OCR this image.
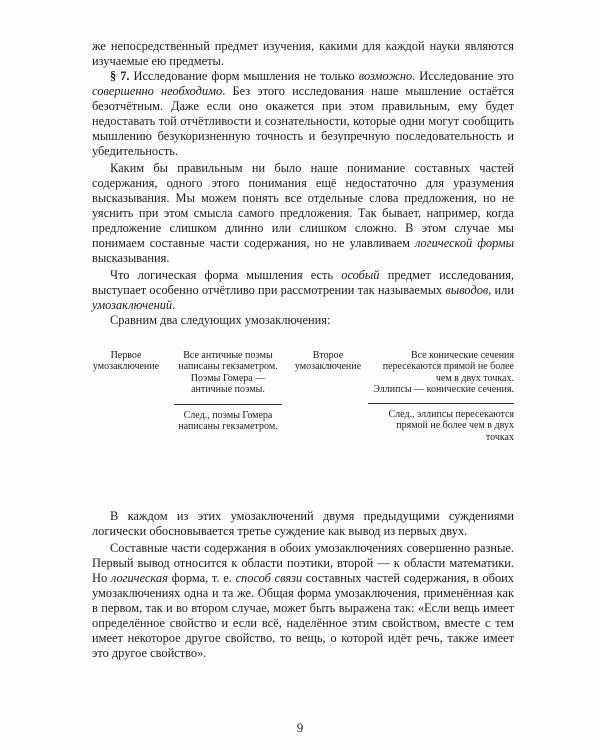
же непосредственный предмет изучения, какими для каждой науки являются изучаемые ею предметы.

§ 7. Исследование форм мышления не только возможно. Исследование это совершенно необходимо. Без этого исследования наше мышление остаётся безотчётным. Даже если оно окажется при этом правильным, ему будет недоставать той отчётливости и сознательности, которые одни могут сообщить мышлению безукоризненную точность и безупречную последовательность и убедительность.

Каким бы правильным ни было наше понимание составных частей содержания, одного этого понимания ещё недостаточно для уразумения высказывания. Мы можем понять все отдельные слова предложения, но не уяснить при этом смысла самого предложения. Так бывает, например, когда предложение слишком длинно или слишком сложно. В этом случае мы понимаем составные части содержания, но не улавливаем логической формы высказывания.

Что логическая форма мышления есть особый предмет исследования, выступает особенно отчётливо при рассмотрении так называемых выводов, или умозаключений.

Сравним два следующих умозаключения:

Первое умозаключение

Все античные поэмы написаны гекзаметром.

Поэмы Гомера — античные поэмы.

След., поэмы Гомера написаны гекзаметром.

Второе умозаключение

Все конические сечения пересекаются прямой не более чем в двух точках.

Эллипсы — конические сечения.

След., эллипсы пересекаются прямой не более чем в двух точках

В каждом из этих умозаключений двумя предыдущими суждениями логически обосновывается третье суждение как вывод из первых двух.

Составные части содержания в обоих умозаключениях совершенно разные. Первый вывод относится к области поэтики, второй — к области математики. Но логическая форма, т. е. способ связи составных частей содержания, в обоих умозаключениях одна и та же. Общая форма умозаключения, применённая как в первом, так и во втором случае, может быть выражена так: «Если вещь имеет определённое свойство и если всё, наделённое этим свойством, вместе с тем имеет некоторое другое свойство, то вещь, о которой идёт речь, также имеет это другое свойство».

9
